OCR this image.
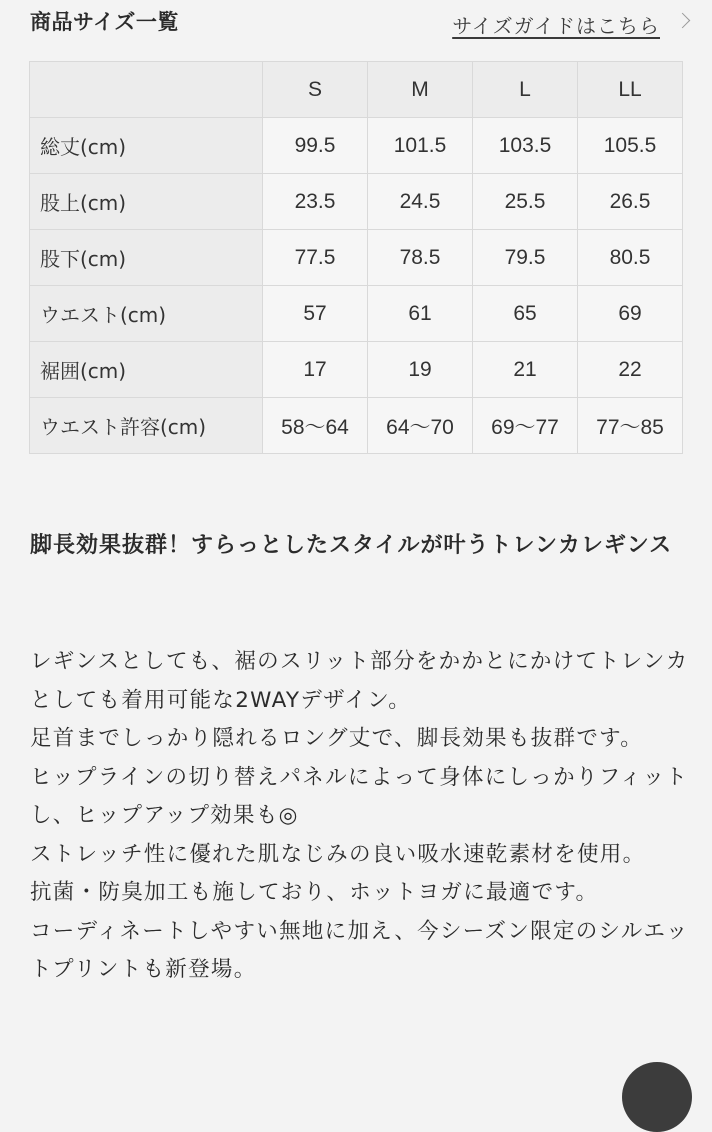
商品サイズ一覧	サイズガイドはこちら
	S	M	L	LL
総丈(cm)	99.5	101.5	103.5	105.5
股上(cm)	23.5	24.5	25.5	26.5
股下(cm)	77.5	78.5	79.5	80.5
ウエスト(cm)	57	61	65	69
裾囲(cm)	17	19	21	22
ウエスト許容(cm)	58〜64	64〜70	69〜77	77〜85
脚長効果抜群！すらっとしたスタイルが叶うトレンカレギンス

レギンスとしても、裾のスリット部分をかかとにかけてトレンカとしても着用可能な2WAYデザイン。

足首までしっかり隠れるロング丈で、脚長効果も抜群です。

ヒップラインの切り替えパネルによって身体にしっかりフィットし、ヒップアップ効果も◎

ストレッチ性に優れた肌なじみの良い吸水速乾素材を使用。

抗菌・防臭加工も施しており、ホットヨガに最適です。

コーディネートしやすい無地に加え、今シーズン限定のシルエットプリントも新登場。
